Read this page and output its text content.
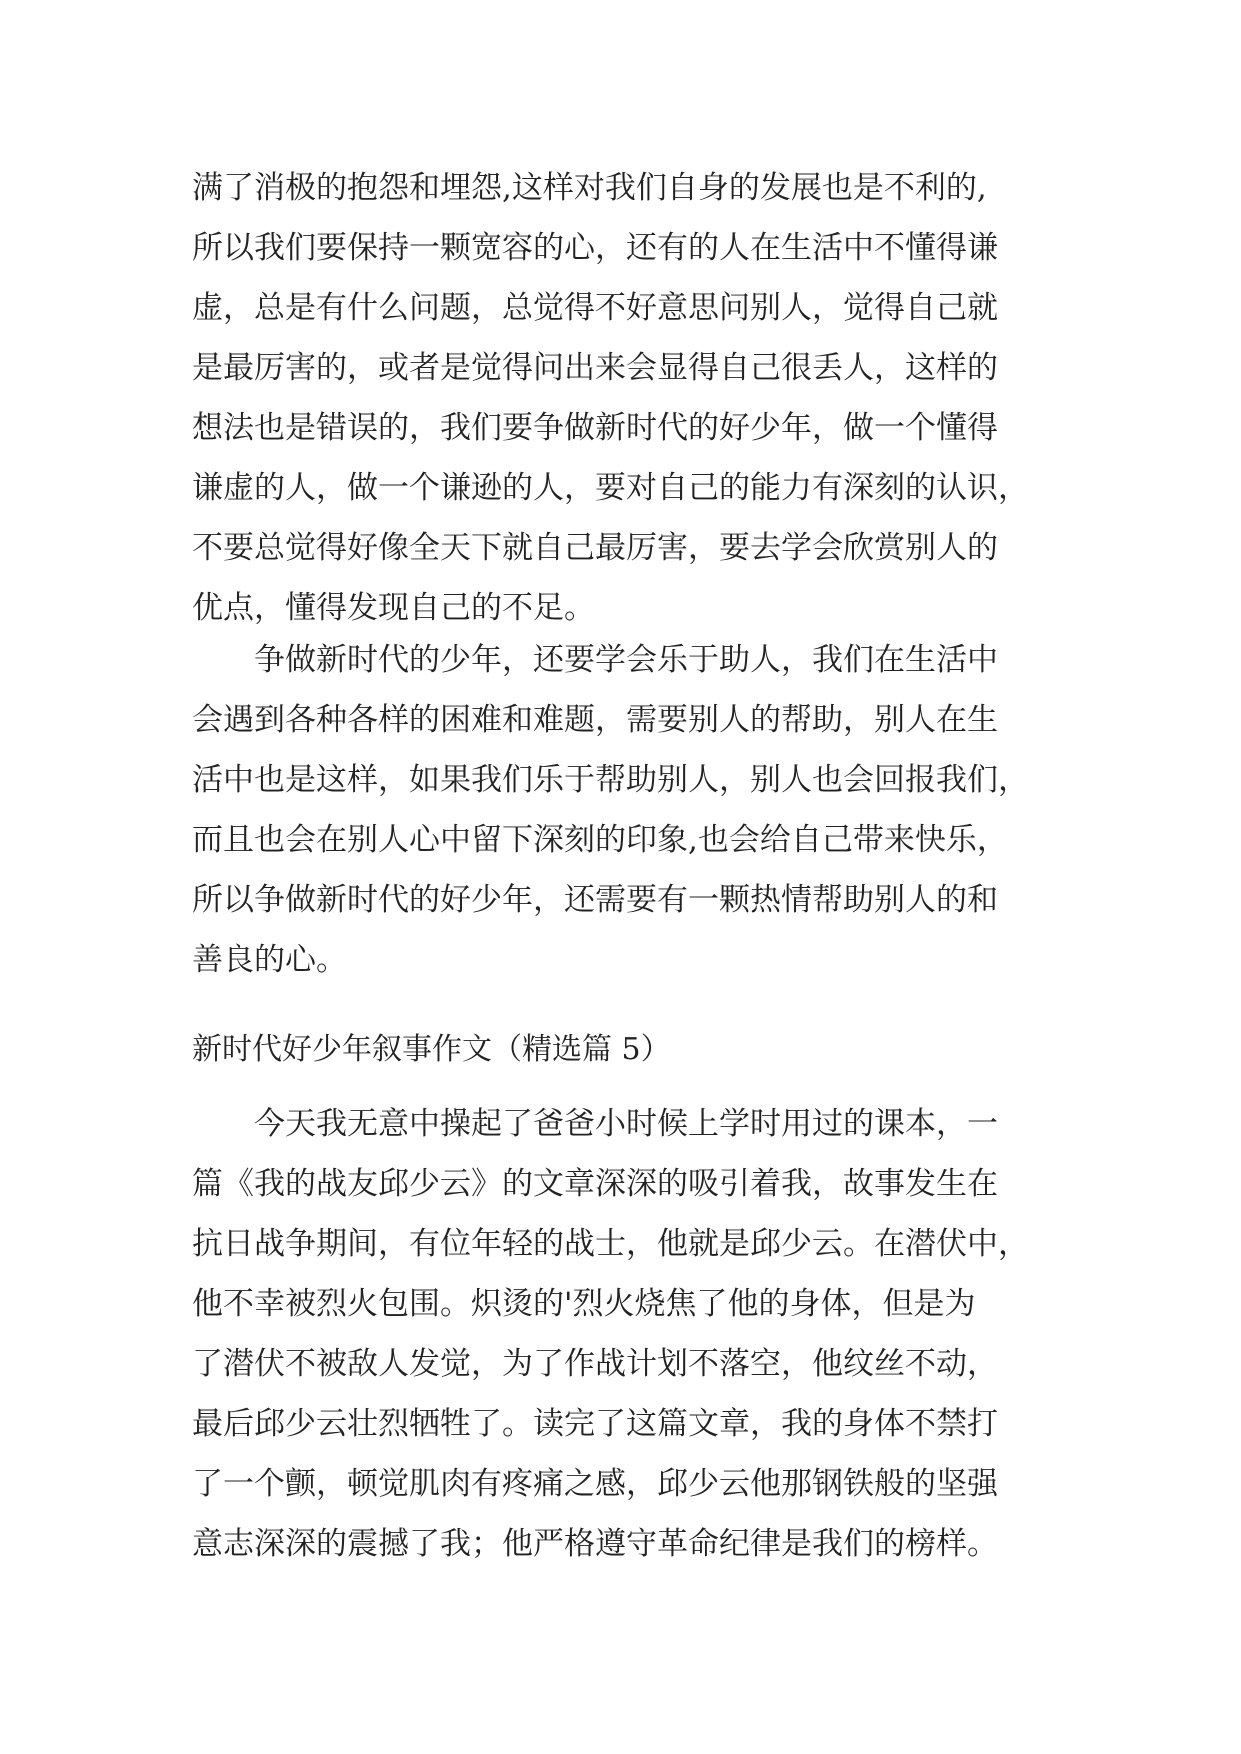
满了消极的抱怨和埋怨,这样对我们自身的发展也是不利的,
所以我们要保持一颗宽容的心，还有的人在生活中不懂得谦
虚，总是有什么问题，总觉得不好意思问别人，觉得自己就
是最厉害的，或者是觉得问出来会显得自己很丢人，这样的
想法也是错误的，我们要争做新时代的好少年，做一个懂得
谦虚的人，做一个谦逊的人，要对自己的能力有深刻的认识，
不要总觉得好像全天下就自己最厉害，要去学会欣赏别人的
优点，懂得发现自己的不足。
　　争做新时代的少年，还要学会乐于助人，我们在生活中
会遇到各种各样的困难和难题，需要别人的帮助，别人在生
活中也是这样，如果我们乐于帮助别人，别人也会回报我们，
而且也会在别人心中留下深刻的印象,也会给自己带来快乐，
所以争做新时代的好少年，还需要有一颗热情帮助别人的和
善良的心。
新时代好少年叙事作文（精选篇 5）
　　今天我无意中操起了爸爸小时候上学时用过的课本，一
篇《我的战友邱少云》的文章深深的吸引着我，故事发生在
抗日战争期间，有位年轻的战士，他就是邱少云。在潜伏中，
他不幸被烈火包围。炽烫的'烈火烧焦了他的身体，但是为
了潜伏不被敌人发觉，为了作战计划不落空，他纹丝不动，
最后邱少云壮烈牺牲了。读完了这篇文章，我的身体不禁打
了一个颤，顿觉肌肉有疼痛之感，邱少云他那钢铁般的坚强
意志深深的震撼了我；他严格遵守革命纪律是我们的榜样。
